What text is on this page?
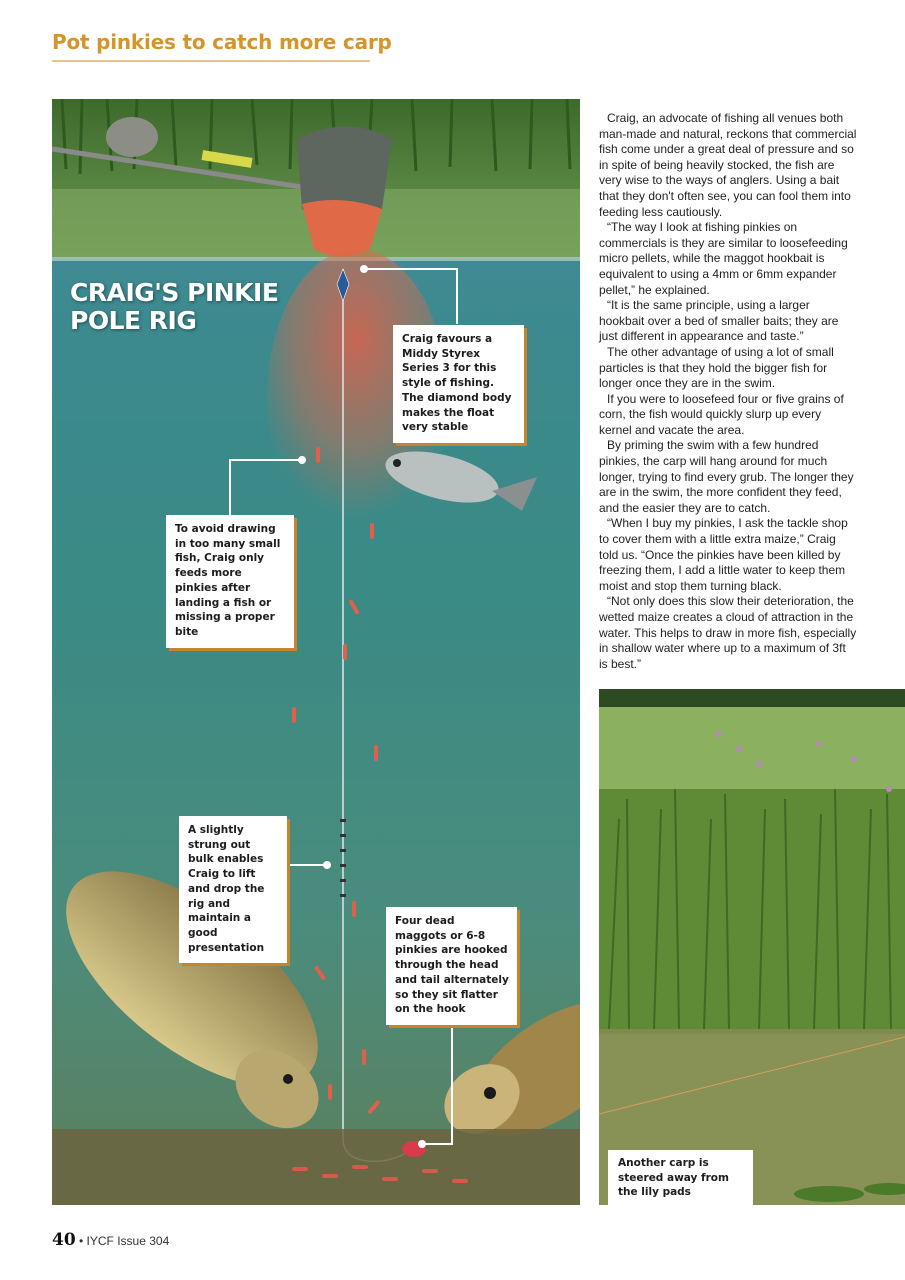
Pot pinkies to catch more carp
CRAIG'S PINKIE
POLE RIG
Craig favours a Middy Styrex Series 3 for this style of fishing. The diamond body makes the float very stable
To avoid drawing in too many small fish, Craig only feeds more pinkies after landing a fish or missing a proper bite
A slightly strung out bulk enables Craig to lift and drop the rig and maintain a good presentation
Four dead maggots or 6-8 pinkies are hooked through the head and tail alternately so they sit flatter on the hook

Craig, an advocate of fishing all venues both man-made and natural, reckons that commercial fish come under a great deal of pressure and so in spite of being heavily stocked, the fish are very wise to the ways of anglers. Using a bait that they don't often see, you can fool them into feeding less cautiously.

“The way I look at fishing pinkies on commercials is they are similar to loosefeeding micro pellets, while the maggot hookbait is equivalent to using a 4mm or 6mm expander pellet,” he explained.

“It is the same principle, using a larger hookbait over a bed of smaller baits; they are just different in appearance and taste.”

The other advantage of using a lot of small particles is that they hold the bigger fish for longer once they are in the swim.

If you were to loosefeed four or five grains of corn, the fish would quickly slurp up every kernel and vacate the area.

By priming the swim with a few hundred pinkies, the carp will hang around for much longer, trying to find every grub. The longer they are in the swim, the more confident they feed, and the easier they are to catch.

“When I buy my pinkies, I ask the tackle shop to cover them with a little extra maize,” Craig told us. “Once the pinkies have been killed by freezing them, I add a little water to keep them moist and stop them turning black.

“Not only does this slow their deterioration, the wetted maize creates a cloud of attraction in the water. This helps to draw in more fish, especially in shallow water where up to a maximum of 3ft is best.”

Another carp is steered away from the lily pads
40 • IYCF Issue 304
